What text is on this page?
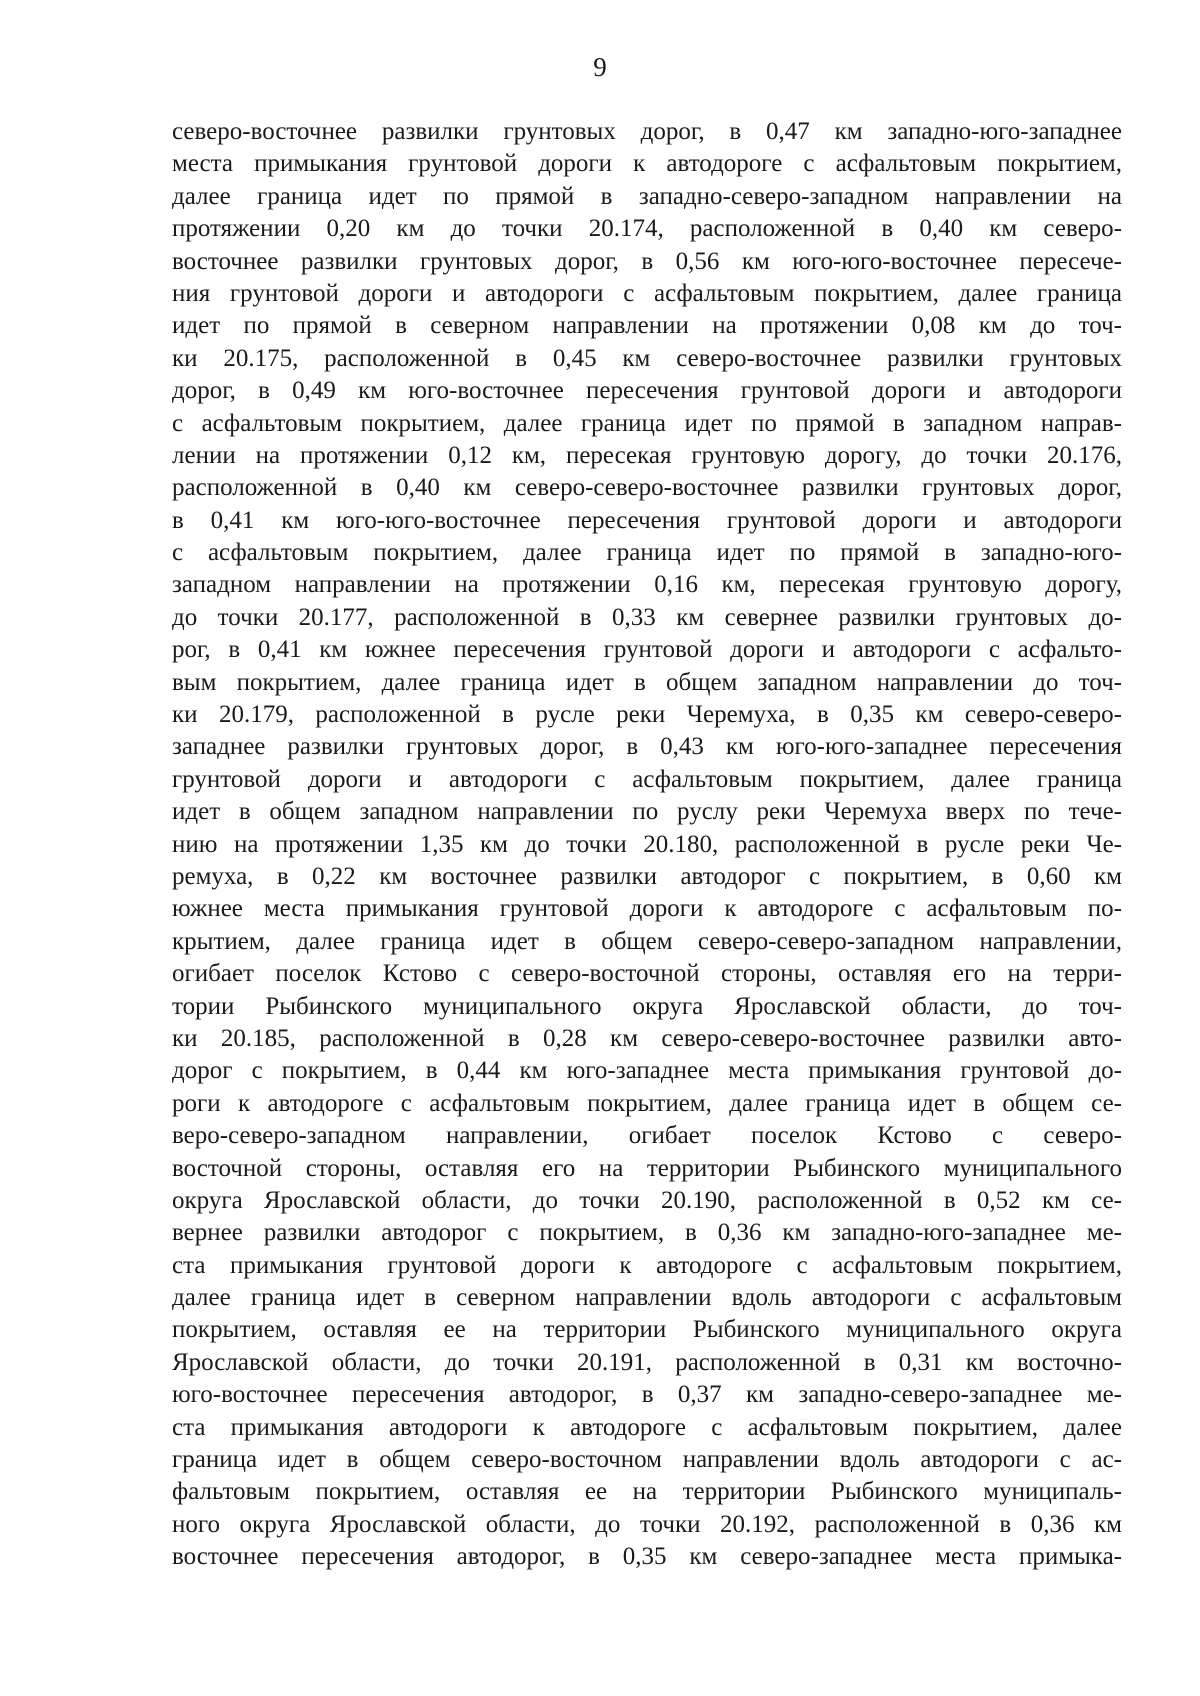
9
северо-восточнее развилки грунтовых дорог, в 0,47 км западно-юго-западнее
места примыкания грунтовой дороги к автодороге с асфальтовым покрытием,
далее граница идет по прямой в западно-северо-западном направлении на
протяжении 0,20 км до точки 20.174, расположенной в 0,40 км северо-
восточнее развилки грунтовых дорог, в 0,56 км юго-юго-восточнее пересече-
ния грунтовой дороги и автодороги с асфальтовым покрытием, далее граница
идет по прямой в северном направлении на протяжении 0,08 км до точ-
ки 20.175, расположенной в 0,45 км северо-восточнее развилки грунтовых
дорог, в 0,49 км юго-восточнее пересечения грунтовой дороги и автодороги
с асфальтовым покрытием, далее граница идет по прямой в западном направ-
лении на протяжении 0,12 км, пересекая грунтовую дорогу, до точки 20.176,
расположенной в 0,40 км северо-северо-восточнее развилки грунтовых дорог,
в 0,41 км юго-юго-восточнее пересечения грунтовой дороги и автодороги
с асфальтовым покрытием, далее граница идет по прямой в западно-юго-
западном направлении на протяжении 0,16 км, пересекая грунтовую дорогу,
до точки 20.177, расположенной в 0,33 км севернее развилки грунтовых до-
рог, в 0,41 км южнее пересечения грунтовой дороги и автодороги с асфальто-
вым покрытием, далее граница идет в общем западном направлении до точ-
ки 20.179, расположенной в русле реки Черемуха, в 0,35 км северо-северо-
западнее развилки грунтовых дорог, в 0,43 км юго-юго-западнее пересечения
грунтовой дороги и автодороги с асфальтовым покрытием, далее граница
идет в общем западном направлении по руслу реки Черемуха вверх по тече-
нию на протяжении 1,35 км до точки 20.180, расположенной в русле реки Че-
ремуха, в 0,22 км восточнее развилки автодорог с покрытием, в 0,60 км
южнее места примыкания грунтовой дороги к автодороге с асфальтовым по-
крытием, далее граница идет в общем северо-северо-западном направлении,
огибает поселок Кстово с северо-восточной стороны, оставляя его на терри-
тории Рыбинского муниципального округа Ярославской области, до точ-
ки 20.185, расположенной в 0,28 км северо-северо-восточнее развилки авто-
дорог с покрытием, в 0,44 км юго-западнее места примыкания грунтовой до-
роги к автодороге с асфальтовым покрытием, далее граница идет в общем се-
веро-северо-западном направлении, огибает поселок Кстово с северо-
восточной стороны, оставляя его на территории Рыбинского муниципального
округа Ярославской области, до точки 20.190, расположенной в 0,52 км се-
вернее развилки автодорог с покрытием, в 0,36 км западно-юго-западнее ме-
ста примыкания грунтовой дороги к автодороге с асфальтовым покрытием,
далее граница идет в северном направлении вдоль автодороги с асфальтовым
покрытием, оставляя ее на территории Рыбинского муниципального округа
Ярославской области, до точки 20.191, расположенной в 0,31 км восточно-
юго-восточнее пересечения автодорог, в 0,37 км западно-северо-западнее ме-
ста примыкания автодороги к автодороге с асфальтовым покрытием, далее
граница идет в общем северо-восточном направлении вдоль автодороги с ас-
фальтовым покрытием, оставляя ее на территории Рыбинского муниципаль-
ного округа Ярославской области, до точки 20.192, расположенной в 0,36 км
восточнее пересечения автодорог, в 0,35 км северо-западнее места примыка-
